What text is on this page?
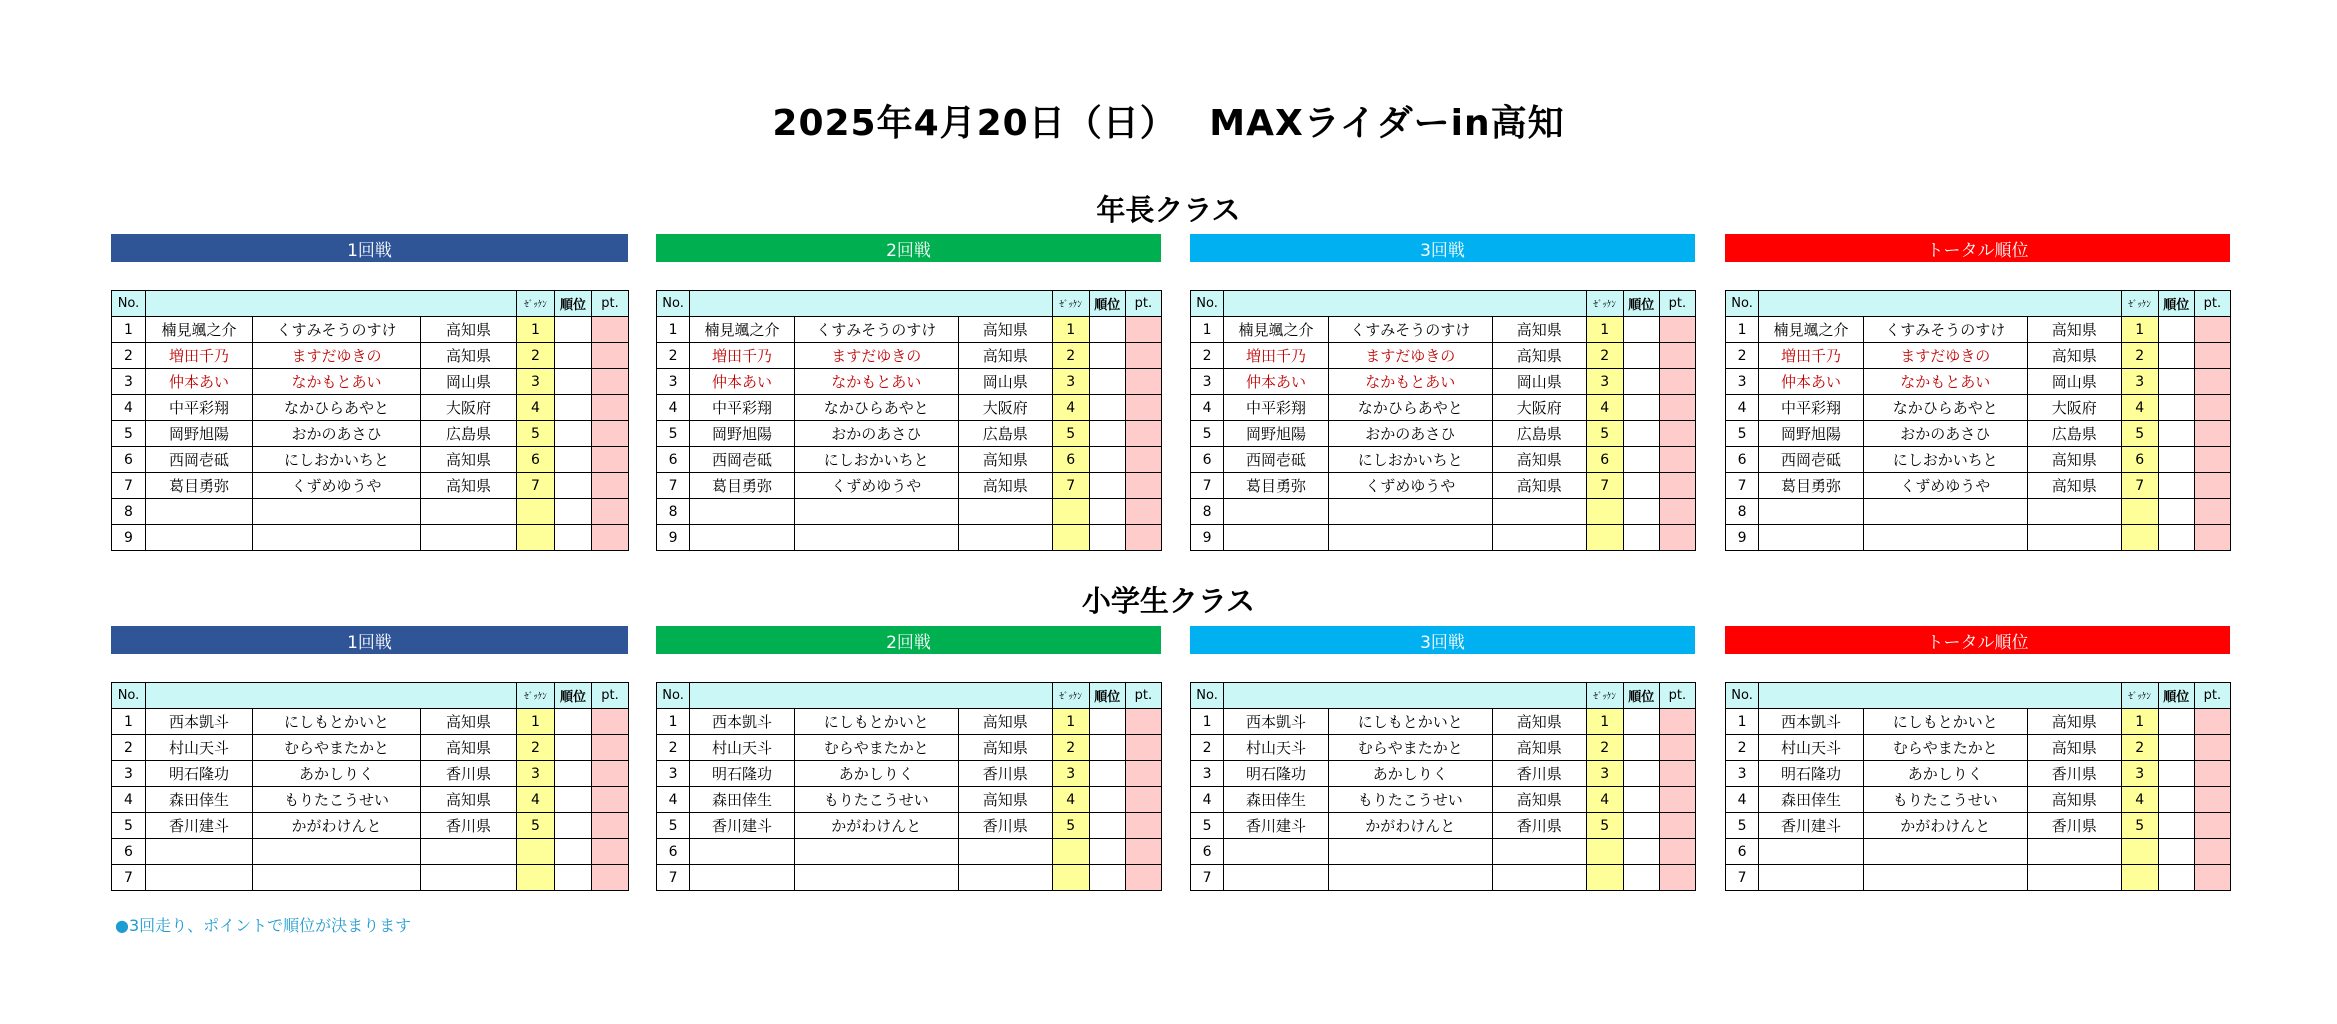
2025年4月20日（日）　 MAXライダーin高知
年長クラス
1回戦
No.				ｾﾞｯｹﾝ	順位	pt.
1	楠見颯之介	くすみそうのすけ	高知県	1		
2	増田千乃	ますだゆきの	高知県	2		
3	仲本あい	なかもとあい	岡山県	3		
4	中平彩翔	なかひらあやと	大阪府	4		
5	岡野旭陽	おかのあさひ	広島県	5		
6	西岡壱砥	にしおかいちと	高知県	6		
7	葛目勇弥	くずめゆうや	高知県	7		
8						
9						
2回戦
No.				ｾﾞｯｹﾝ	順位	pt.
1	楠見颯之介	くすみそうのすけ	高知県	1		
2	増田千乃	ますだゆきの	高知県	2		
3	仲本あい	なかもとあい	岡山県	3		
4	中平彩翔	なかひらあやと	大阪府	4		
5	岡野旭陽	おかのあさひ	広島県	5		
6	西岡壱砥	にしおかいちと	高知県	6		
7	葛目勇弥	くずめゆうや	高知県	7		
8						
9						
3回戦
No.				ｾﾞｯｹﾝ	順位	pt.
1	楠見颯之介	くすみそうのすけ	高知県	1		
2	増田千乃	ますだゆきの	高知県	2		
3	仲本あい	なかもとあい	岡山県	3		
4	中平彩翔	なかひらあやと	大阪府	4		
5	岡野旭陽	おかのあさひ	広島県	5		
6	西岡壱砥	にしおかいちと	高知県	6		
7	葛目勇弥	くずめゆうや	高知県	7		
8						
9						
トータル順位
No.				ｾﾞｯｹﾝ	順位	pt.
1	楠見颯之介	くすみそうのすけ	高知県	1		
2	増田千乃	ますだゆきの	高知県	2		
3	仲本あい	なかもとあい	岡山県	3		
4	中平彩翔	なかひらあやと	大阪府	4		
5	岡野旭陽	おかのあさひ	広島県	5		
6	西岡壱砥	にしおかいちと	高知県	6		
7	葛目勇弥	くずめゆうや	高知県	7		
8						
9						
小学生クラス
1回戦
No.				ｾﾞｯｹﾝ	順位	pt.
1	西本凱斗	にしもとかいと	高知県	1		
2	村山天斗	むらやまたかと	高知県	2		
3	明石隆功	あかしりく	香川県	3		
4	森田倖生	もりたこうせい	高知県	4		
5	香川建斗	かがわけんと	香川県	5		
6						
7						
2回戦
No.				ｾﾞｯｹﾝ	順位	pt.
1	西本凱斗	にしもとかいと	高知県	1		
2	村山天斗	むらやまたかと	高知県	2		
3	明石隆功	あかしりく	香川県	3		
4	森田倖生	もりたこうせい	高知県	4		
5	香川建斗	かがわけんと	香川県	5		
6						
7						
3回戦
No.				ｾﾞｯｹﾝ	順位	pt.
1	西本凱斗	にしもとかいと	高知県	1		
2	村山天斗	むらやまたかと	高知県	2		
3	明石隆功	あかしりく	香川県	3		
4	森田倖生	もりたこうせい	高知県	4		
5	香川建斗	かがわけんと	香川県	5		
6						
7						
トータル順位
No.				ｾﾞｯｹﾝ	順位	pt.
1	西本凱斗	にしもとかいと	高知県	1		
2	村山天斗	むらやまたかと	高知県	2		
3	明石隆功	あかしりく	香川県	3		
4	森田倖生	もりたこうせい	高知県	4		
5	香川建斗	かがわけんと	香川県	5		
6						
7						
●3回走り、ポイントで順位が決まります
